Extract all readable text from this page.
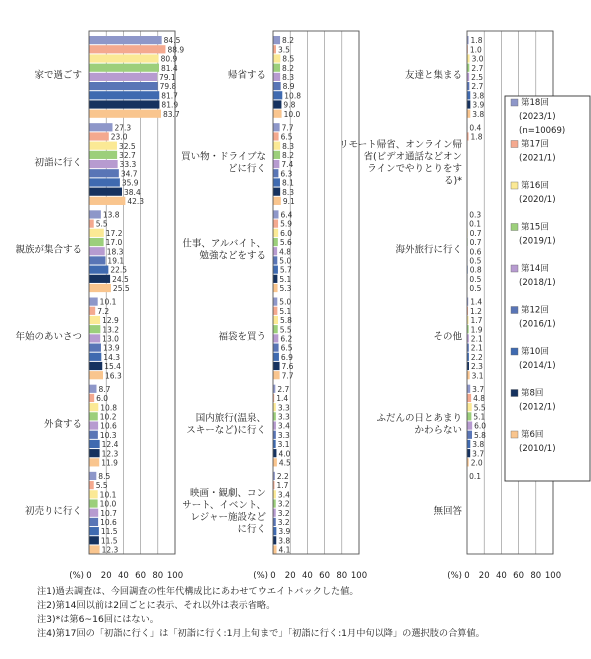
84.5
88.9
80.9
81.4
79.1
79.8
81.7
81.9
83.7
家で過ごす
27.3
23.0
32.5
32.7
33.3
34.7
35.9
38.4
42.3
初詣に行く
13.8
5.5
17.2
17.0
18.3
19.1
22.5
24.5
25.5
親族が集合する
10.1
7.2
12.9
13.2
13.0
13.9
14.3
15.4
16.3
年始のあいさつ
8.7
6.0
10.8
10.2
10.6
10.3
12.4
12.3
11.9
外食する
8.5
5.5
10.1
10.0
10.7
10.6
11.5
11.5
12.3
初売りに行く
0 20 40 60 80 100
(%)
8.2
3.5
8.5
8.2
8.3
8.9
10.8
9.8
10.0
帰省する
7.7
6.5
8.3
8.2
7.4
6.3
8.1
8.3
9.1
買い物・ドライブな
どに行く
6.4
5.9
6.0
5.6
4.8
5.0
5.7
5.1
5.3
仕事、アルバイト、
勉強などをする
5.0
5.1
5.8
5.5
6.2
6.5
6.9
7.6
7.7
福袋を買う
2.7
1.4
3.3
3.3
3.4
3.3
3.1
4.0
4.5
国内旅行(温泉、
スキーなど)に行く
2.2
1.7
3.4
3.2
3.2
3.2
3.9
3.8
4.1
映画・観劇、コン
サート、イベント、
レジャー施設など
に行く
0 20 40 60 80 100
(%)
1.8
1.0
3.0
2.7
2.5
2.7
3.8
3.9
3.8
友達と集まる
0.4
1.8
リモート帰省、オンライン帰
省(ビデオ通話などオン
ラインでやりとりをす
る)*
0.3
0.1
0.7
0.7
0.6
0.5
0.8
0.5
0.5
海外旅行に行く
1.4
1.2
1.7
1.9
2.1
2.1
2.2
2.3
3.1
その他
3.7
4.8
5.5
5.1
6.0
5.8
3.8
3.7
2.0
ふだんの日とあまり
かわらない
0.1
無回答
0 20 40 60 80 100
(%)
第18回
(2023/1)
(n=10069)
第17回
(2021/1)
第16回
(2020/1)
第15回
(2019/1)
第14回
(2018/1)
第12回
(2016/1)
第10回
(2014/1)
第8回
(2012/1)
第6回
(2010/1)
注1)過去調査は、今回調査の性年代構成比にあわせてウエイトバックした値。
注2)第14回以前は2回ごとに表示、それ以外は表示省略。
注3)*は第6~16回にはない。
注4)第17回の「初詣に行く」は「初詣に行く:1月上旬まで」「初詣に行く:1月中旬以降」の選択肢の合算値。
